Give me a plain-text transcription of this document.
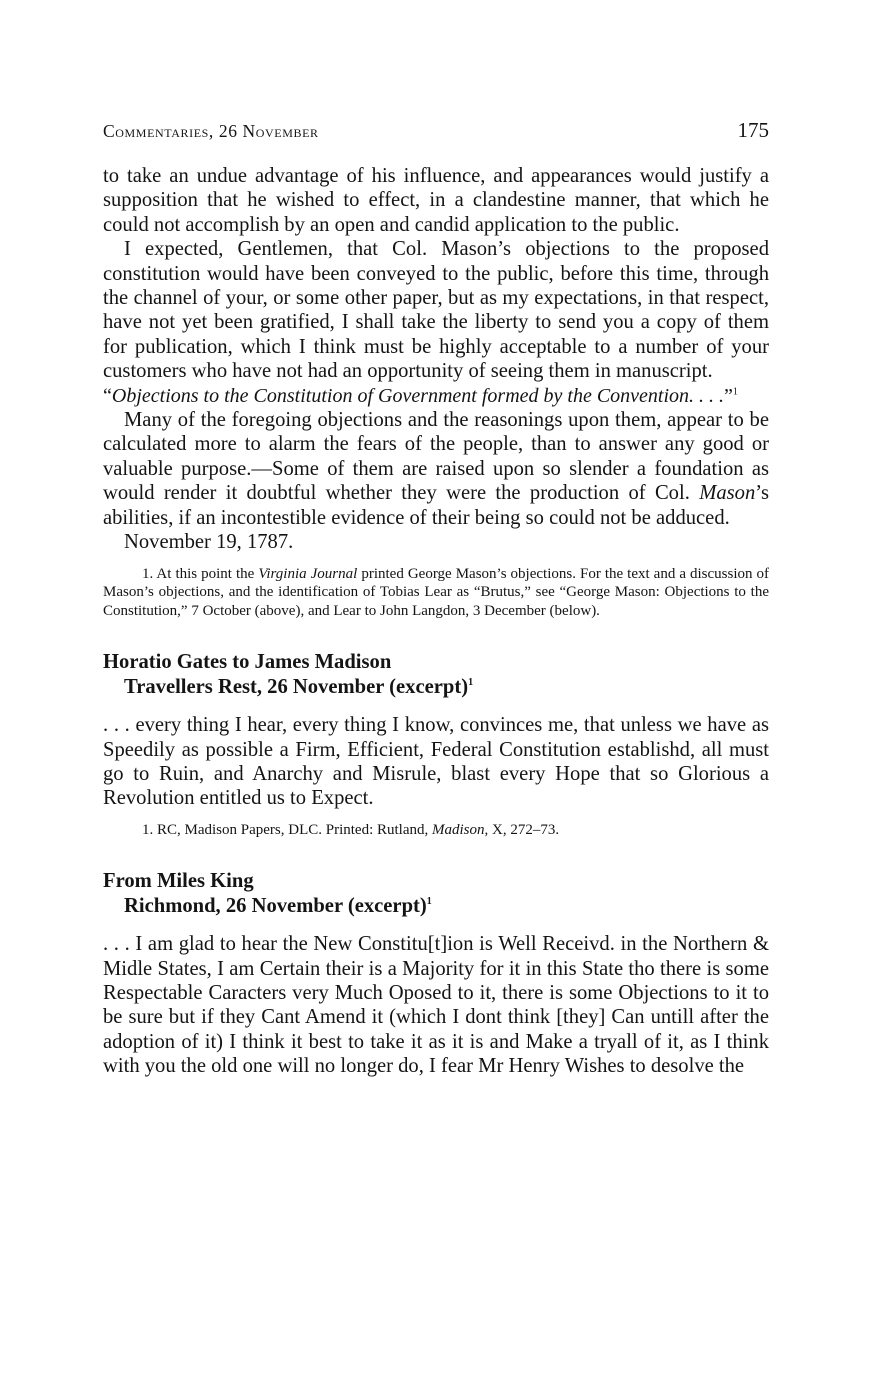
Commentaries, 26 November	175

to take an undue advantage of his influence, and appearances would justify a supposition that he wished to effect, in a clandestine manner, that which he could not accomplish by an open and candid application to the public.

I expected, Gentlemen, that Col. Mason’s objections to the proposed constitution would have been conveyed to the public, before this time, through the channel of your, or some other paper, but as my expectations, in that respect, have not yet been gratified, I shall take the liberty to send you a copy of them for publication, which I think must be highly acceptable to a number of your customers who have not had an opportunity of seeing them in manuscript.

“Objections to the Constitution of Government formed by the Convention. . . .”$^1$

Many of the foregoing objections and the reasonings upon them, appear to be calculated more to alarm the fears of the people, than to answer any good or valuable purpose.—Some of them are raised upon so slender a foundation as would render it doubtful whether they were the production of Col. Mason’s abilities, if an incontestible evidence of their being so could not be adduced.

November 19, 1787.

1. At this point the Virginia Journal printed George Mason’s objections. For the text and a discussion of Mason’s objections, and the identification of Tobias Lear as “Brutus,” see “George Mason: Objections to the Constitution,” 7 October (above), and Lear to John Langdon, 3 December (below).

Horatio Gates to James Madison
Travellers Rest, 26 November (excerpt)$^1$

. . . every thing I hear, every thing I know, convinces me, that unless we have as Speedily as possible a Firm, Efficient, Federal Constitution establishd, all must go to Ruin, and Anarchy and Misrule, blast every Hope that so Glorious a Revolution entitled us to Expect.

1. RC, Madison Papers, DLC. Printed: Rutland, Madison, X, 272–73.

From Miles King
Richmond, 26 November (excerpt)$^1$

. . . I am glad to hear the New Constitu[t]ion is Well Receivd. in the Northern & Midle States, I am Certain their is a Majority for it in this State tho there is some Respectable Caracters very Much Oposed to it, there is some Objections to it to be sure but if they Cant Amend it (which I dont think [they] Can untill after the adoption of it) I think it best to take it as it is and Make a tryall of it, as I think with you the old one will no longer do, I fear Mr Henry Wishes to desolve the
